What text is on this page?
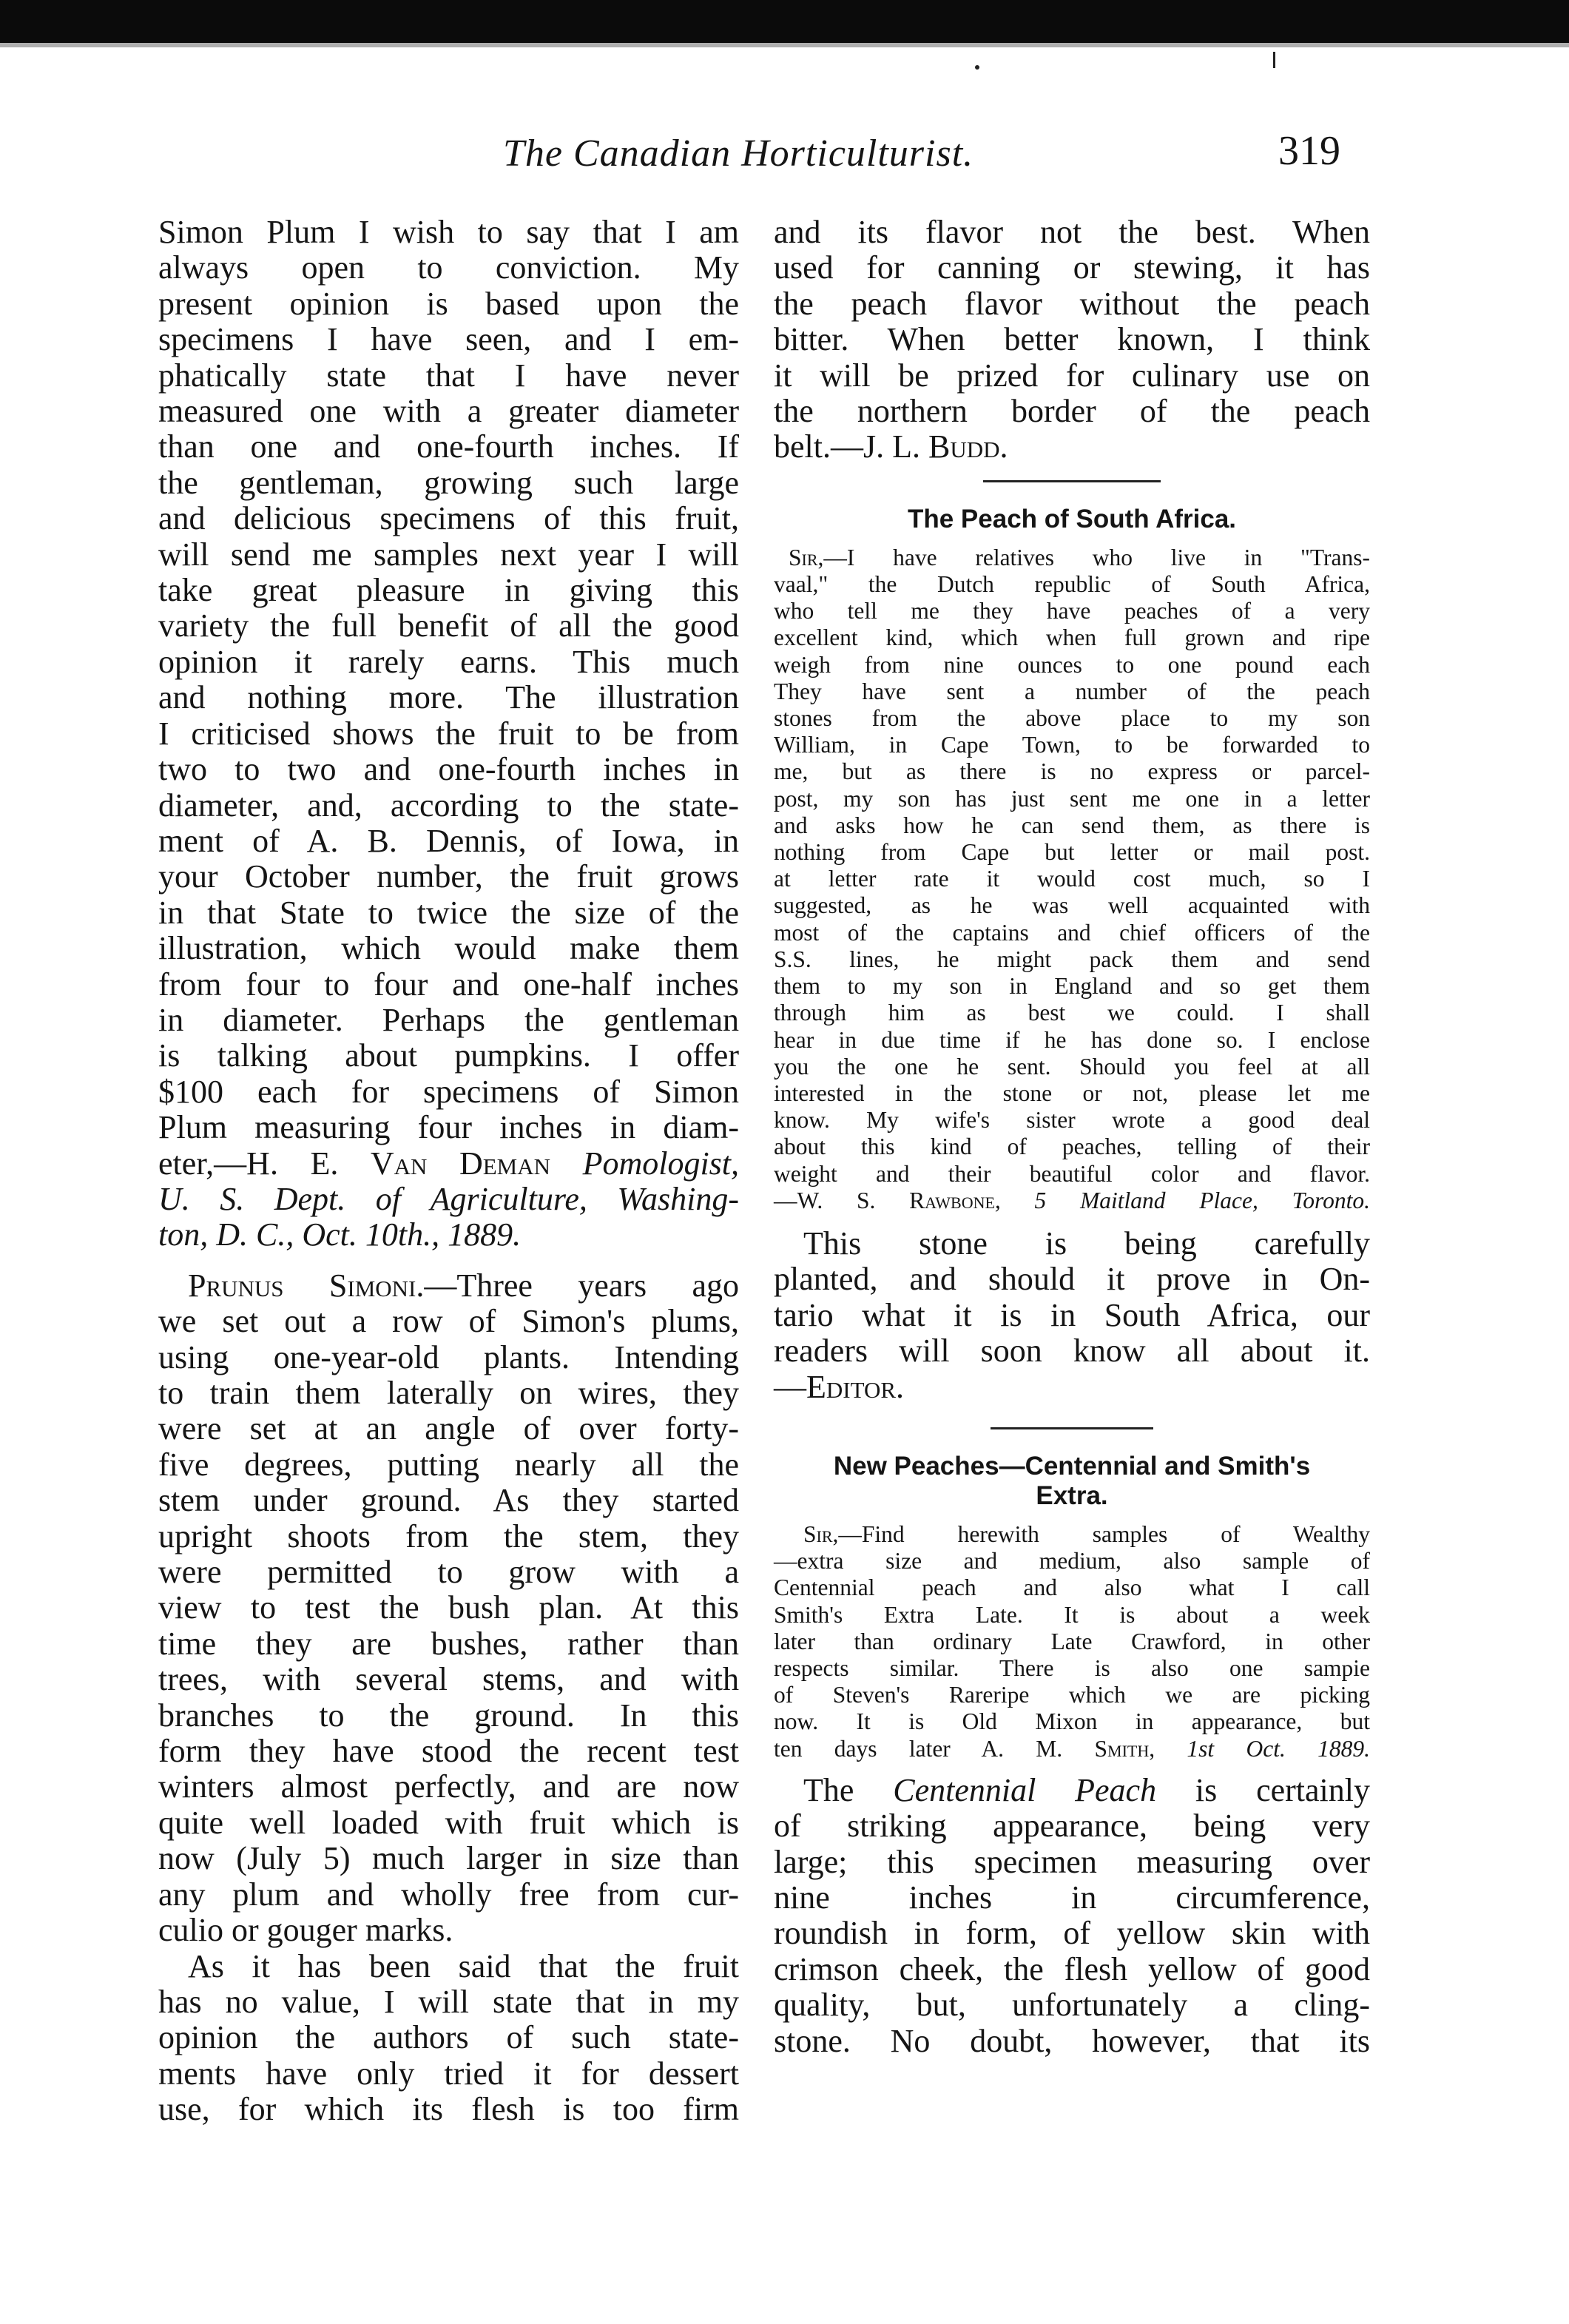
The Canadian Horticulturist.	319
Simon Plum I wish to say that I am
always open to conviction. My
present opinion is based upon the
specimens I have seen, and I em-
phatically state that I have never
measured one with a greater diameter
than one and one-fourth inches. If
the gentleman, growing such large
and delicious specimens of this fruit,
will send me samples next year I will
take great pleasure in giving this
variety the full benefit of all the good
opinion it rarely earns. This much
and nothing more. The illustration
I criticised shows the fruit to be from
two to two and one-fourth inches in
diameter, and, according to the state-
ment of A. B. Dennis, of Iowa, in
your October number, the fruit grows
in that State to twice the size of the
illustration, which would make them
from four to four and one-half inches
in diameter. Perhaps the gentleman
is talking about pumpkins. I offer
$100 each for specimens of Simon
Plum measuring four inches in diam-
eter,—H. E. Van Deman Pomologist,
U. S. Dept. of Agriculture, Washing-
ton, D. C., Oct. 10th., 1889.
Prunus Simoni.—Three years ago
we set out a row of Simon's plums,
using one-year-old plants. Intending
to train them laterally on wires, they
were set at an angle of over forty-
five degrees, putting nearly all the
stem under ground. As they started
upright shoots from the stem, they
were permitted to grow with a
view to test the bush plan. At this
time they are bushes, rather than
trees, with several stems, and with
branches to the ground. In this
form they have stood the recent test
winters almost perfectly, and are now
quite well loaded with fruit which is
now (July 5) much larger in size than
any plum and wholly free from cur-
culio or gouger marks.
As it has been said that the fruit
has no value, I will state that in my
opinion the authors of such state-
ments have only tried it for dessert
use, for which its flesh is too firm
and its flavor not the best. When
used for canning or stewing, it has
the peach flavor without the peach
bitter. When better known, I think
it will be prized for culinary use on
the northern border of the peach
belt.—J. L. Budd.
The Peach of South Africa.
Sir,—I have relatives who live in "Trans-
vaal," the Dutch republic of South Africa,
who tell me they have peaches of a very
excellent kind, which when full grown and ripe
weigh from nine ounces to one pound each
They have sent a number of the peach
stones from the above place to my son
William, in Cape Town, to be forwarded to
me, but as there is no express or parcel-
post, my son has just sent me one in a letter
and asks how he can send them, as there is
nothing from Cape but letter or mail post.
at letter rate it would cost much, so I
suggested, as he was well acquainted with
most of the captains and chief officers of the
S.S. lines, he might pack them and send
them to my son in England and so get them
through him as best we could. I shall
hear in due time if he has done so. I enclose
you the one he sent. Should you feel at all
interested in the stone or not, please let me
know. My wife's sister wrote a good deal
about this kind of peaches, telling of their
weight and their beautiful color and flavor.
—W. S. Rawbone, 5 Maitland Place, Toronto.
This stone is being carefully
planted, and should it prove in On-
tario what it is in South Africa, our
readers will soon know all about it.
—Editor.
New Peaches—Centennial and Smith's
Extra.
Sir,—Find herewith samples of Wealthy
—extra size and medium, also sample of
Centennial peach and also what I call
Smith's Extra Late. It is about a week
later than ordinary Late Crawford, in other
respects similar. There is also one sampie
of Steven's Rareripe which we are picking
now. It is Old Mixon in appearance, but
ten days later A. M. Smith, 1st Oct. 1889.
The Centennial Peach is certainly
of striking appearance, being very
large; this specimen measuring over
nine inches in circumference,
roundish in form, of yellow skin with
crimson cheek, the flesh yellow of good
quality, but, unfortunately a cling-
stone. No doubt, however, that its
